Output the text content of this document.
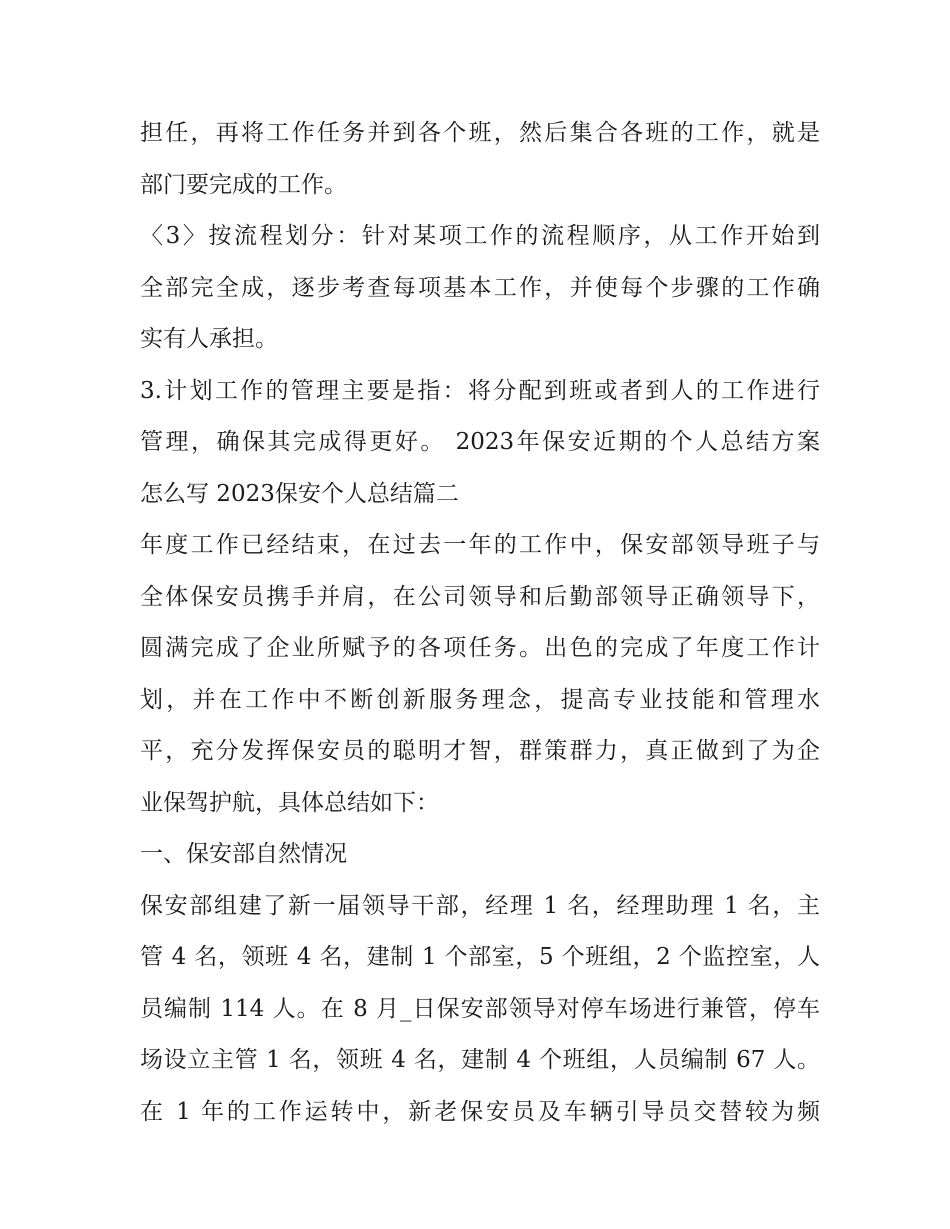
担任，再将工作任务并到各个班，然后集合各班的工作，就是
部门要完成的工作。
〈3〉按流程划分：针对某项工作的流程顺序，从工作开始到
全部完全成，逐步考查每项基本工作，并使每个步骤的工作确
实有人承担。
3.计划工作的管理主要是指：将分配到班或者到人的工作进行
管理，确保其完成得更好。 2023年保安近期的个人总结方案
怎么写 2023保安个人总结篇二
年度工作已经结束，在过去一年的工作中，保安部领导班子与
全体保安员携手并肩，在公司领导和后勤部领导正确领导下，
圆满完成了企业所赋予的各项任务。出色的完成了年度工作计
划，并在工作中不断创新服务理念，提高专业技能和管理水
平，充分发挥保安员的聪明才智，群策群力，真正做到了为企
业保驾护航，具体总结如下：
一、保安部自然情况
保安部组建了新一届领导干部，经理 1 名，经理助理 1 名，主
管 4 名，领班 4 名，建制 1 个部室，5 个班组，2 个监控室，人
员编制 114 人。在 8 月_日保安部领导对停车场进行兼管，停车
场设立主管 1 名，领班 4 名，建制 4 个班组，人员编制 67 人。
在 1 年的工作运转中，新老保安员及车辆引导员交替较为频
